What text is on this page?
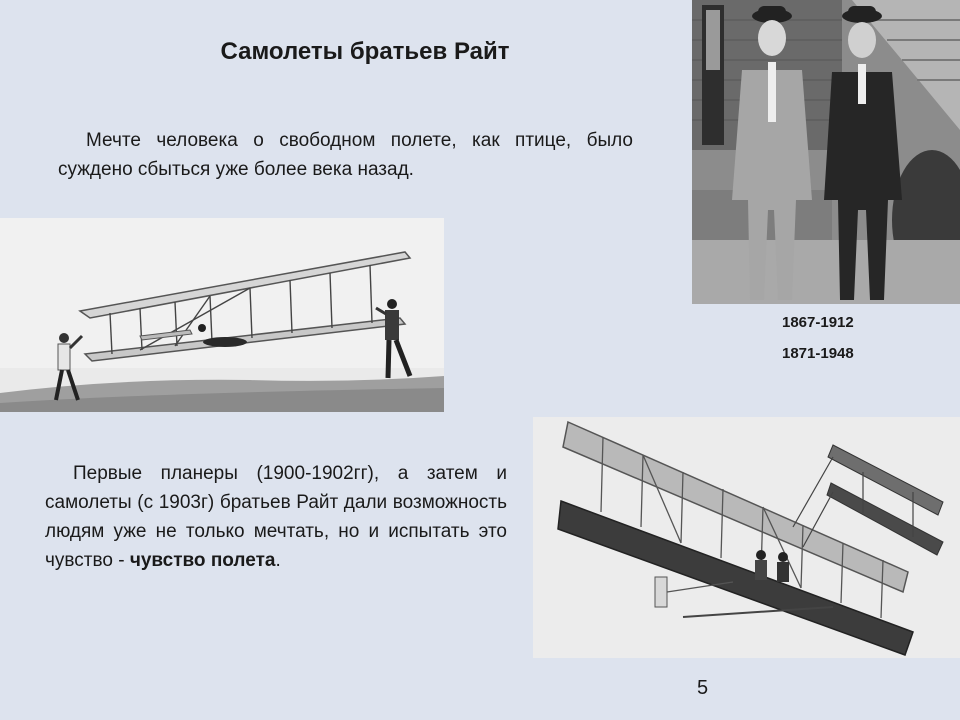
Самолеты братьев Райт
Мечте человека о свободном полете, как птице, было суждено сбыться уже более века назад.
1867-1912
1871-1948
Первые планеры (1900-1902гг), а затем и самолеты (с 1903г) братьев Райт дали возможность людям уже не только мечтать, но и испытать это чувство - чувство полета.
5
